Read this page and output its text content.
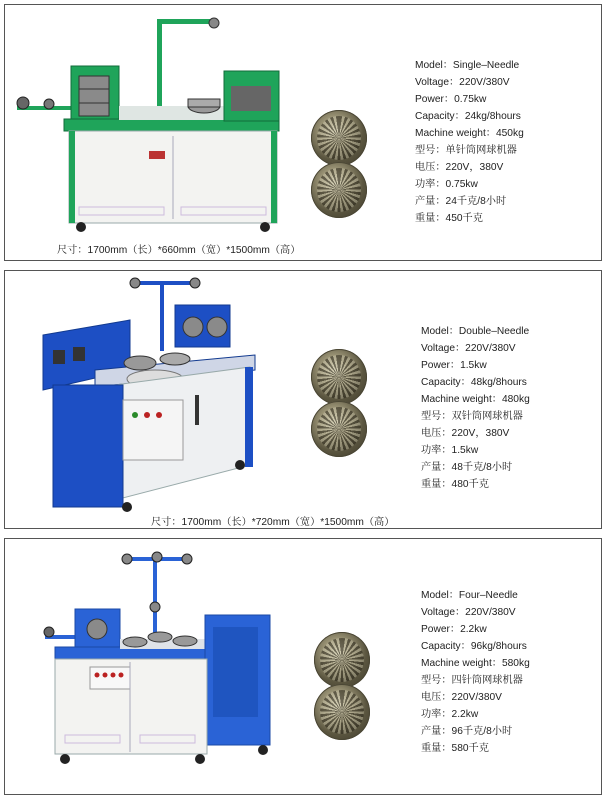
Model：Single–Needle
Voltage：220V/380V
Power：0.75kw
Capacity：24kg/8hours
Machine weight：450kg
型号：单针筒网球机器
电压：220V，380V
功率：0.75kw
产量：24千克/8小时
重量：450千克
尺寸：1700mm（长）*660mm（宽）*1500mm（高）
Model：Double–Needle
Voltage：220V/380V
Power：1.5kw
Capacity：48kg/8hours
Machine weight：480kg
型号：双针筒网球机器
电压：220V，380V
功率：1.5kw
产量：48千克/8小时
重量：480千克
尺寸：1700mm（长）*720mm（宽）*1500mm（高）
Model：Four–Needle
Voltage：220V/380V
Power：2.2kw
Capacity：96kg/8hours
Machine weight：580kg
型号：四针筒网球机器
电压：220V/380V
功率：2.2kw
产量：96千克/8小时
重量：580千克
